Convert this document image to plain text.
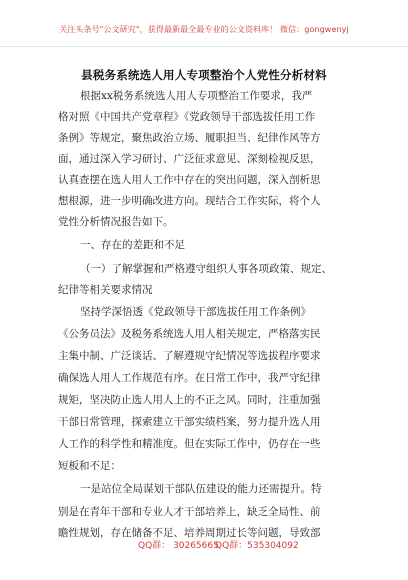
关注头条号"公文研究"，获得最新最全最专业的公文资料库！ 微信：gongwenyj
县税务系统选人用人专项整治个人党性分析材料
根据xx税务系统选人用人专项整治工作要求，我严
格对照《中国共产党章程》《党政领导干部选拔任用工作
条例》等规定，聚焦政治立场、履职担当、纪律作风等方
面，通过深入学习研讨、广泛征求意见、深刻检视反思，
认真查摆在选人用人工作中存在的突出问题，深入剖析思
想根源，进一步明确改进方向。现结合工作实际，将个人
党性分析情况报告如下。
一、存在的差距和不足
（一）了解掌握和严格遵守组织人事各项政策、规定、
纪律等相关要求情况
坚持学深悟透《党政领导干部选拔任用工作条例》
《公务员法》及税务系统选人用人相关规定，严格落实民
主集中制、广泛谈话、了解遵规守纪情况等选拔程序要求
确保选人用人工作规范有序。在日常工作中，我严守纪律
规矩，坚决防止选人用人上的不正之风。同时，注重加强
干部日常管理，探索建立干部实绩档案，努力提升选人用
人工作的科学性和精准度。但在实际工作中，仍存在一些
短板和不足：
一是站位全局谋划干部队伍建设的能力还需提升。特
别是在青年干部和专业人才干部培养上，缺乏全局性、前
瞻性规划，存在储备不足、培养周期过长等问题，导致部
QQ群： 30265665
QQ群：535304092
